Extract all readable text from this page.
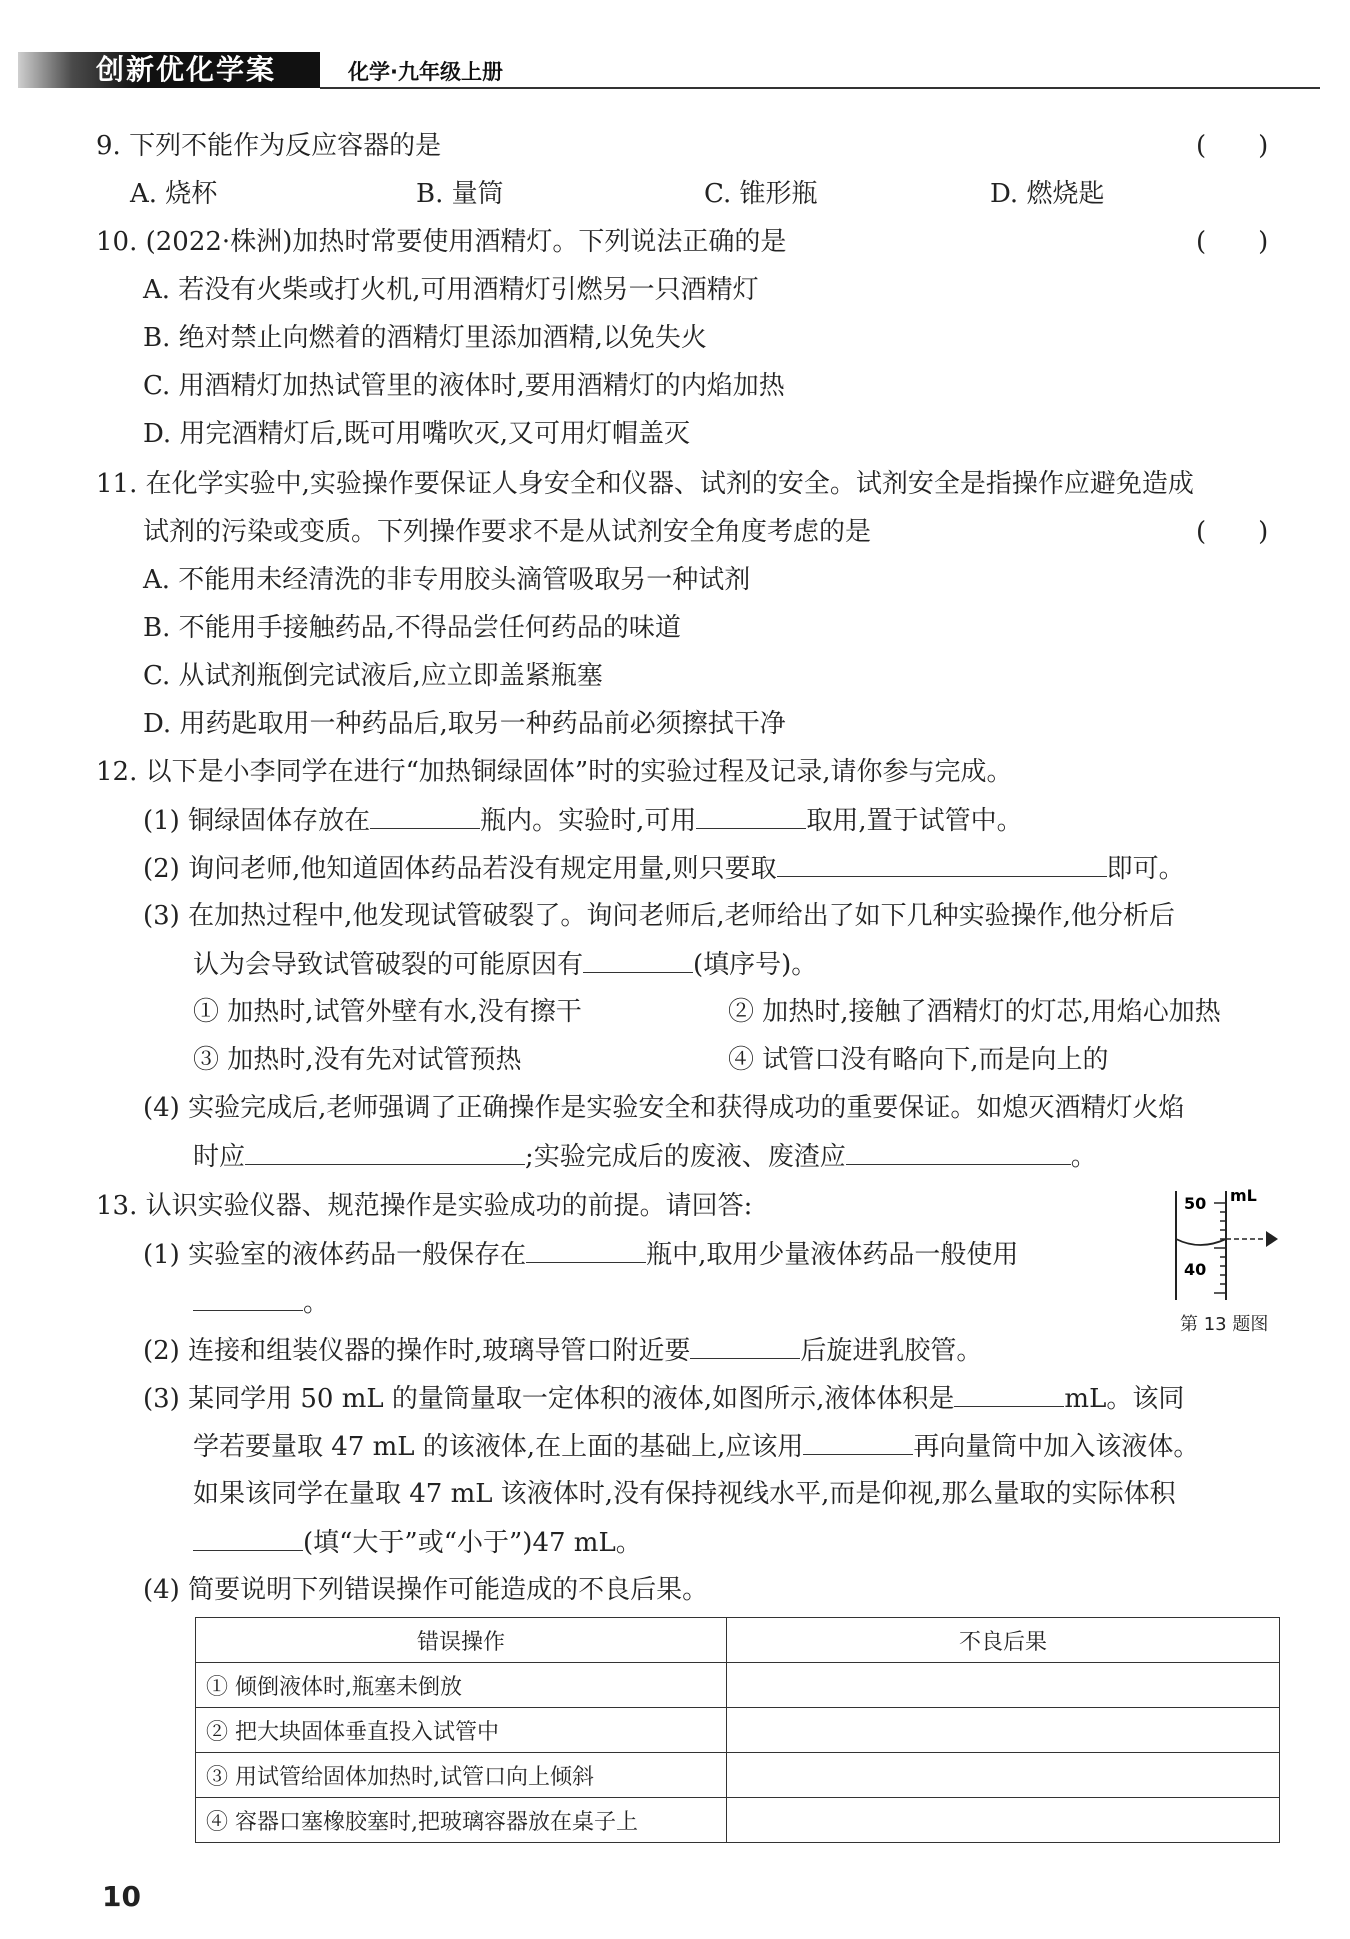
创新优化学案	化学·九年级上册
9. 下列不能作为反应容器的是	(　　)
A. 烧杯	B. 量筒	C. 锥形瓶	D. 燃烧匙
10. (2022·株洲)加热时常要使用酒精灯。下列说法正确的是	(　　)
A. 若没有火柴或打火机,可用酒精灯引燃另一只酒精灯
B. 绝对禁止向燃着的酒精灯里添加酒精,以免失火
C. 用酒精灯加热试管里的液体时,要用酒精灯的内焰加热
D. 用完酒精灯后,既可用嘴吹灭,又可用灯帽盖灭
11. 在化学实验中,实验操作要保证人身安全和仪器、试剂的安全。试剂安全是指操作应避免造成
试剂的污染或变质。下列操作要求不是从试剂安全角度考虑的是	(　　)
A. 不能用未经清洗的非专用胶头滴管吸取另一种试剂
B. 不能用手接触药品,不得品尝任何药品的味道
C. 从试剂瓶倒完试液后,应立即盖紧瓶塞
D. 用药匙取用一种药品后,取另一种药品前必须擦拭干净
12. 以下是小李同学在进行“加热铜绿固体”时的实验过程及记录,请你参与完成。
(1) 铜绿固体存放在	瓶内。实验时,可用	取用,置于试管中。
(2) 询问老师,他知道固体药品若没有规定用量,则只要取	即可。
(3) 在加热过程中,他发现试管破裂了。询问老师后,老师给出了如下几种实验操作,他分析后
认为会导致试管破裂的可能原因有	(填序号)。
① 加热时,试管外壁有水,没有擦干	② 加热时,接触了酒精灯的灯芯,用焰心加热
③ 加热时,没有先对试管预热	④ 试管口没有略向下,而是向上的
(4) 实验完成后,老师强调了正确操作是实验安全和获得成功的重要保证。如熄灭酒精灯火焰
时应	;实验完成后的废液、废渣应	。
13. 认识实验仪器、规范操作是实验成功的前提。请回答:
(1) 实验室的液体药品一般保存在	瓶中,取用少量液体药品一般使用
。
50 mL
40
第 13 题图
(2) 连接和组装仪器的操作时,玻璃导管口附近要	后旋进乳胶管。
(3) 某同学用 50 mL 的量筒量取一定体积的液体,如图所示,液体体积是	mL。该同
学若要量取 47 mL 的该液体,在上面的基础上,应该用	再向量筒中加入该液体。
如果该同学在量取 47 mL 该液体时,没有保持视线水平,而是仰视,那么量取的实际体积
(填“大于”或“小于”)47 mL。
(4) 简要说明下列错误操作可能造成的不良后果。
错误操作	不良后果
① 倾倒液体时,瓶塞未倒放	
② 把大块固体垂直投入试管中	
③ 用试管给固体加热时,试管口向上倾斜	
④ 容器口塞橡胶塞时,把玻璃容器放在桌子上	
10
